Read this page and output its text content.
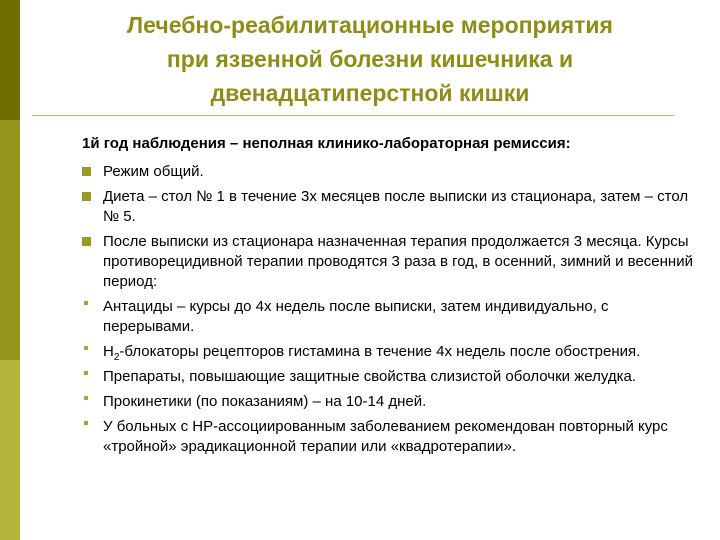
Лечебно-реабилитационные мероприятия
при язвенной болезни кишечника и
двенадцатиперстной кишки

1й год наблюдения – неполная клинико-лабораторная ремиссия:

Режим общий.
Диета – стол № 1 в течение 3х месяцев после выписки из стационара, затем – стол № 5.
После выписки из стационара назначенная терапия продолжается 3 месяца. Курсы противорецидивной терапии проводятся 3 раза в год, в осенний, зимний и весенний период:
Антациды – курсы до 4х недель после выписки, затем индивидуально, с перерывами.
$H_2$-блокаторы рецепторов гистамина в течение 4х недель после обострения.
Препараты, повышающие защитные свойства слизистой оболочки желудка.
Прокинетики (по показаниям) – на 10-14 дней.
У больных с HP-ассоциированным заболеванием рекомендован повторный курс «тройной» эрадикационной терапии или «квадротерапии».
